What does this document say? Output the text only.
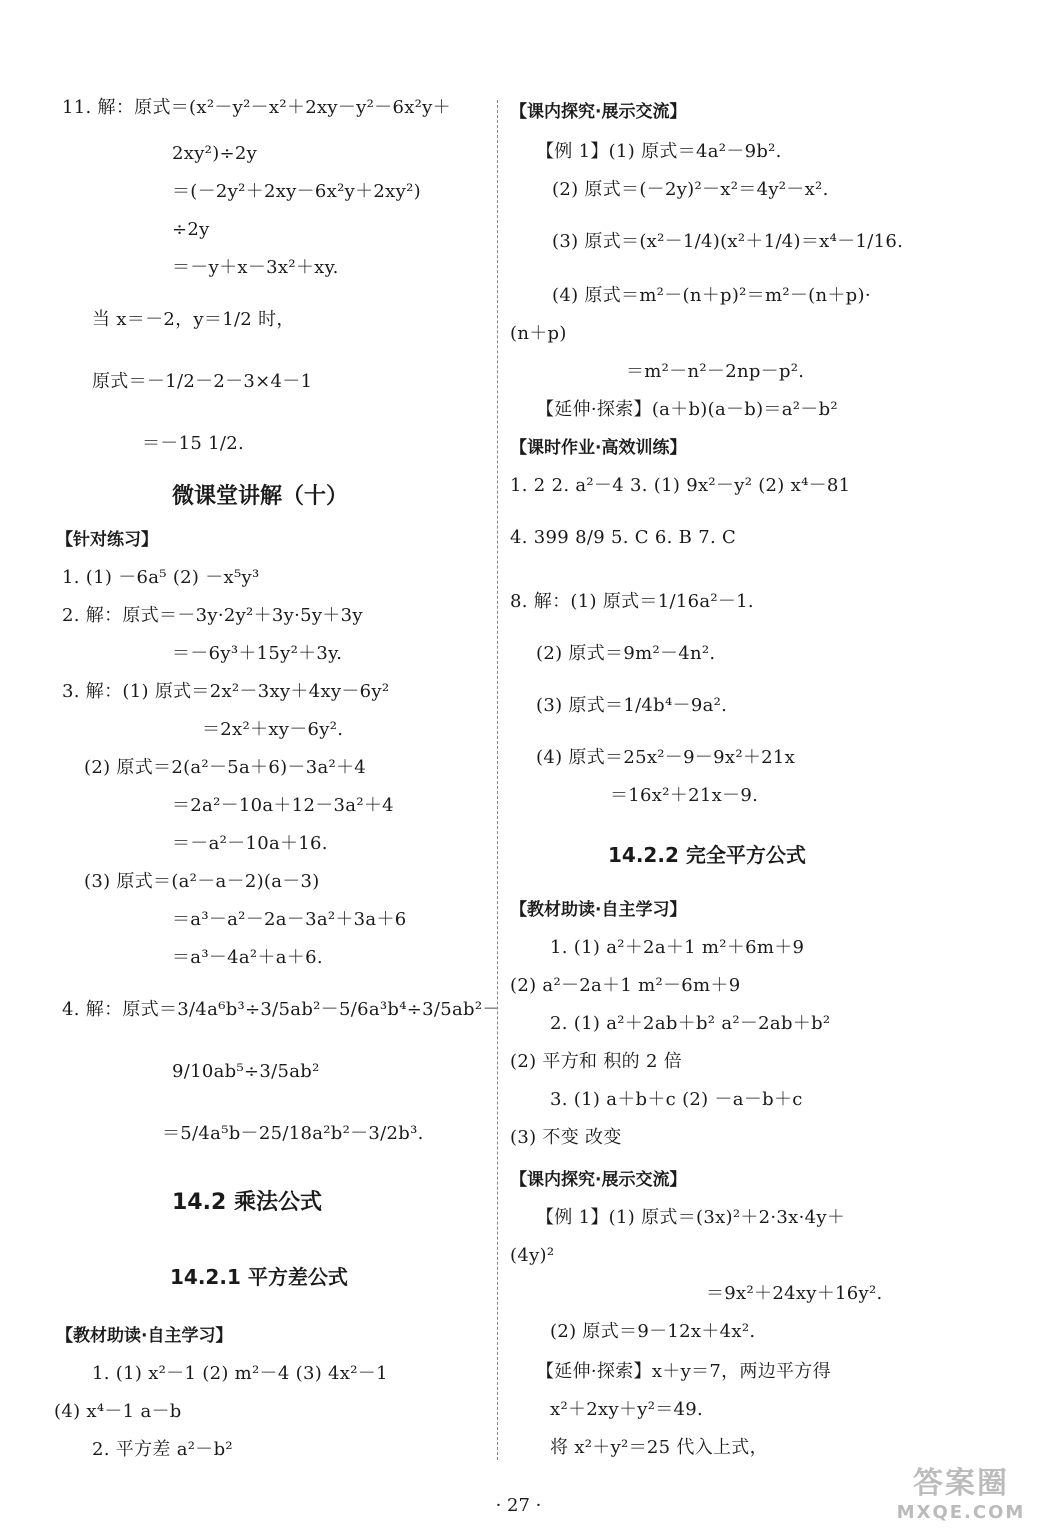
11. 解：原式＝(x²－y²－x²＋2xy－y²－6x²y＋
2xy²)÷2y
＝(－2y²＋2xy－6x²y＋2xy²)
÷2y
＝－y＋x－3x²＋xy.
当 x＝－2，y＝1/2 时，
原式＝－1/2－2－3×4－1
＝－15 1/2.
微课堂讲解（十）
【针对练习】
1. (1) －6a⁵ (2) －x⁵y³
2. 解：原式＝－3y·2y²＋3y·5y＋3y
＝－6y³＋15y²＋3y.
3. 解：(1) 原式＝2x²－3xy＋4xy－6y²
＝2x²＋xy－6y².
(2) 原式＝2(a²－5a＋6)－3a²＋4
＝2a²－10a＋12－3a²＋4
＝－a²－10a＋16.
(3) 原式＝(a²－a－2)(a－3)
＝a³－a²－2a－3a²＋3a＋6
＝a³－4a²＋a＋6.
4. 解：原式＝3/4a⁶b³÷3/5ab²－5/6a³b⁴÷3/5ab²－
9/10ab⁵÷3/5ab²
＝5/4a⁵b－25/18a²b²－3/2b³.
14.2 乘法公式
14.2.1 平方差公式
【教材助读·自主学习】
1. (1) x²－1 (2) m²－4 (3) 4x²－1
(4) x⁴－1 a－b
2. 平方差 a²－b²
【课内探究·展示交流】
【例 1】(1) 原式＝4a²－9b².
(2) 原式＝(－2y)²－x²＝4y²－x².
(3) 原式＝(x²－1/4)(x²＋1/4)＝x⁴－1/16.
(4) 原式＝m²－(n＋p)²＝m²－(n＋p)·
(n＋p)
＝m²－n²－2np－p².
【延伸·探索】(a＋b)(a－b)＝a²－b²
【课时作业·高效训练】
1. 2 2. a²－4 3. (1) 9x²－y² (2) x⁴－81
4. 399 8/9 5. C 6. B 7. C
8. 解：(1) 原式＝1/16a²－1.
(2) 原式＝9m²－4n².
(3) 原式＝1/4b⁴－9a².
(4) 原式＝25x²－9－9x²＋21x
＝16x²＋21x－9.
14.2.2 完全平方公式
【教材助读·自主学习】
1. (1) a²＋2a＋1 m²＋6m＋9
(2) a²－2a＋1 m²－6m＋9
2. (1) a²＋2ab＋b² a²－2ab＋b²
(2) 平方和 积的 2 倍
3. (1) a＋b＋c (2) －a－b＋c
(3) 不变 改变
【课内探究·展示交流】
【例 1】(1) 原式＝(3x)²＋2·3x·4y＋
(4y)²
＝9x²＋24xy＋16y².
(2) 原式＝9－12x＋4x².
【延伸·探索】x＋y＝7，两边平方得
x²＋2xy＋y²＝49.
将 x²＋y²＝25 代入上式，
· 27 ·
答案圈
MXQE.COM
